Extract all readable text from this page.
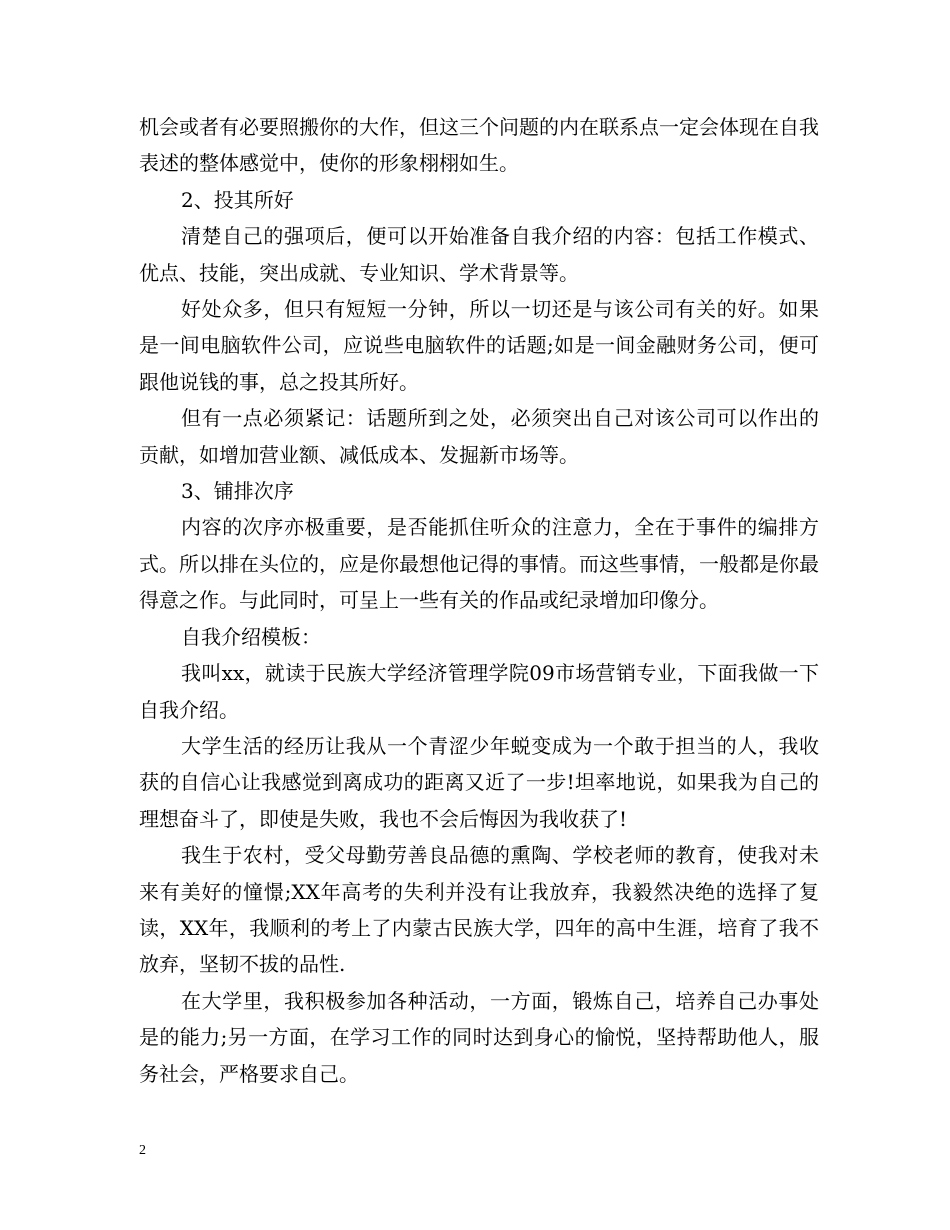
机会或者有必要照搬你的大作，但这三个问题的内在联系点一定会体现在自我表述的整体感觉中，使你的形象栩栩如生。

2、投其所好

清楚自己的强项后，便可以开始准备自我介绍的内容：包括工作模式、优点、技能，突出成就、专业知识、学术背景等。

好处众多，但只有短短一分钟，所以一切还是与该公司有关的好。如果是一间电脑软件公司，应说些电脑软件的话题;如是一间金融财务公司，便可跟他说钱的事，总之投其所好。

但有一点必须紧记：话题所到之处，必须突出自己对该公司可以作出的贡献，如增加营业额、减低成本、发掘新市场等。

3、铺排次序

内容的次序亦极重要，是否能抓住听众的注意力，全在于事件的编排方式。所以排在头位的，应是你最想他记得的事情。而这些事情，一般都是你最得意之作。与此同时，可呈上一些有关的作品或纪录增加印像分。

自我介绍模板：

我叫xx，就读于民族大学经济管理学院09市场营销专业，下面我做一下自我介绍。

大学生活的经历让我从一个青涩少年蜕变成为一个敢于担当的人，我收获的自信心让我感觉到离成功的距离又近了一步!坦率地说，如果我为自己的理想奋斗了，即使是失败，我也不会后悔因为我收获了!

我生于农村，受父母勤劳善良品德的熏陶、学校老师的教育，使我对未来有美好的憧憬;XX年高考的失利并没有让我放弃，我毅然决绝的选择了复读，XX年，我顺利的考上了内蒙古民族大学，四年的高中生涯，培育了我不放弃，坚韧不拔的品性.

在大学里，我积极参加各种活动，一方面，锻炼自己，培养自己办事处是的能力;另一方面，在学习工作的同时达到身心的愉悦，坚持帮助他人，服务社会，严格要求自己。

2
